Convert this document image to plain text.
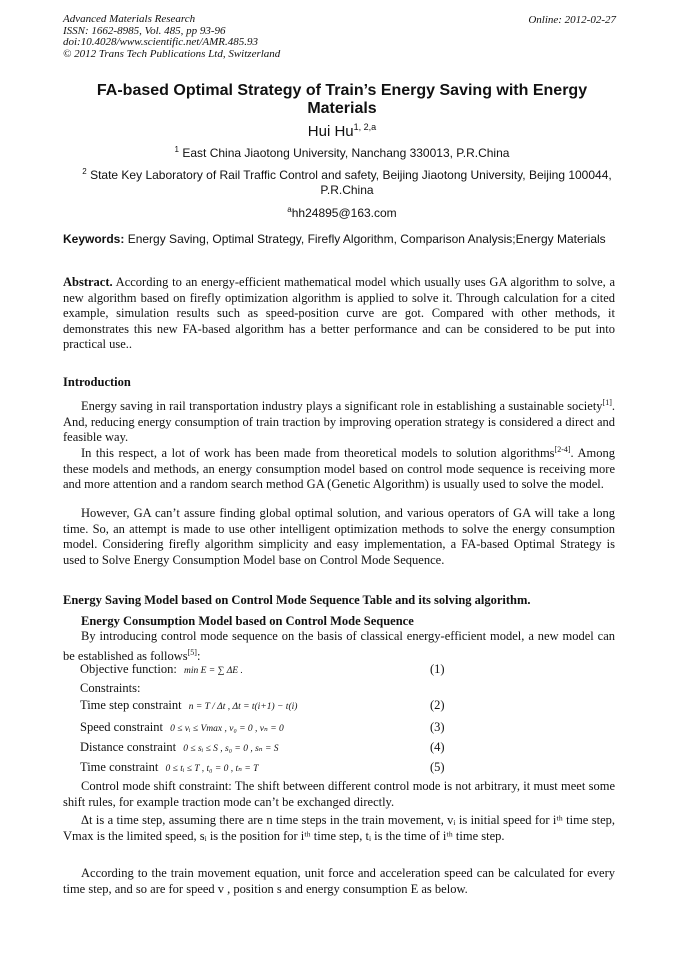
Advanced Materials Research
ISSN: 1662-8985, Vol. 485, pp 93-96
doi:10.4028/www.scientific.net/AMR.485.93
© 2012 Trans Tech Publications Ltd, Switzerland
Online: 2012-02-27
FA-based Optimal Strategy of Train’s Energy Saving with Energy Materials
Hui Hu$^{1, 2,a}$
$^1$ East China Jiaotong University, Nanchang 330013, P.R.China
$^2$ State Key Laboratory of Rail Traffic Control and safety, Beijing Jiaotong University, Beijing 100044, P.R.China
$^a$hh24895@163.com
Keywords: Energy Saving, Optimal Strategy, Firefly Algorithm, Comparison Analysis;Energy Materials
Abstract. According to an energy-efficient mathematical model which usually uses GA algorithm to solve, a new algorithm based on firefly optimization algorithm is applied to solve it. Through calculation for a cited example, simulation results such as speed-position curve are got. Compared with other methods, it demonstrates this new FA-based algorithm has a better performance and can be considered to be put into practical use..
Introduction
Energy saving in rail transportation industry plays a significant role in establishing a sustainable society[1]. And, reducing energy consumption of train traction by improving operation strategy is considered a direct and feasible way.
In this respect, a lot of work has been made from theoretical models to solution algorithms[2-4]. Among these models and methods, an energy consumption model based on control mode sequence is receiving more and more attention and a random search method GA (Genetic Algorithm) is usually used to solve the model.
However, GA can’t assure finding global optimal solution, and various operators of GA will take a long time. So, an attempt is made to use other intelligent optimization methods to solve the energy consumption model. Considering firefly algorithm simplicity and easy implementation, a FA-based Optimal Strategy is used to Solve Energy Consumption Model base on Control Mode Sequence.
Energy Saving Model based on Control Mode Sequence Table and its solving algorithm.
Energy Consumption Model based on Control Mode Sequence
By introducing control mode sequence on the basis of classical energy-efficient model, a new model can be established as follows[5]:
Objective function: min E = ∑ ΔE .	(1)
Constraints:
Time step constraint n = T / Δt , Δt = t(i+1) − t(i)	(2)
Speed constraint 0 ≤ vᵢ ≤ Vmax , v₀ = 0 , vₙ = 0	(3)
Distance constraint 0 ≤ sᵢ ≤ S , s₀ = 0 , sₙ = S	(4)
Time constraint 0 ≤ tᵢ ≤ T , t₀ = 0 , tₙ = T	(5)
Control mode shift constraint: The shift between different control mode is not arbitrary, it must meet some shift rules, for example traction mode can’t be exchanged directly.
Δt is a time step, assuming there are n time steps in the train movement, vᵢ is initial speed for iᵗʰ time step, Vmax is the limited speed, sᵢ is the position for iᵗʰ time step, tᵢ is the time of iᵗʰ time step.
According to the train movement equation, unit force and acceleration speed can be calculated for every time step, and so are for speed v , position s and energy consumption E as below.
